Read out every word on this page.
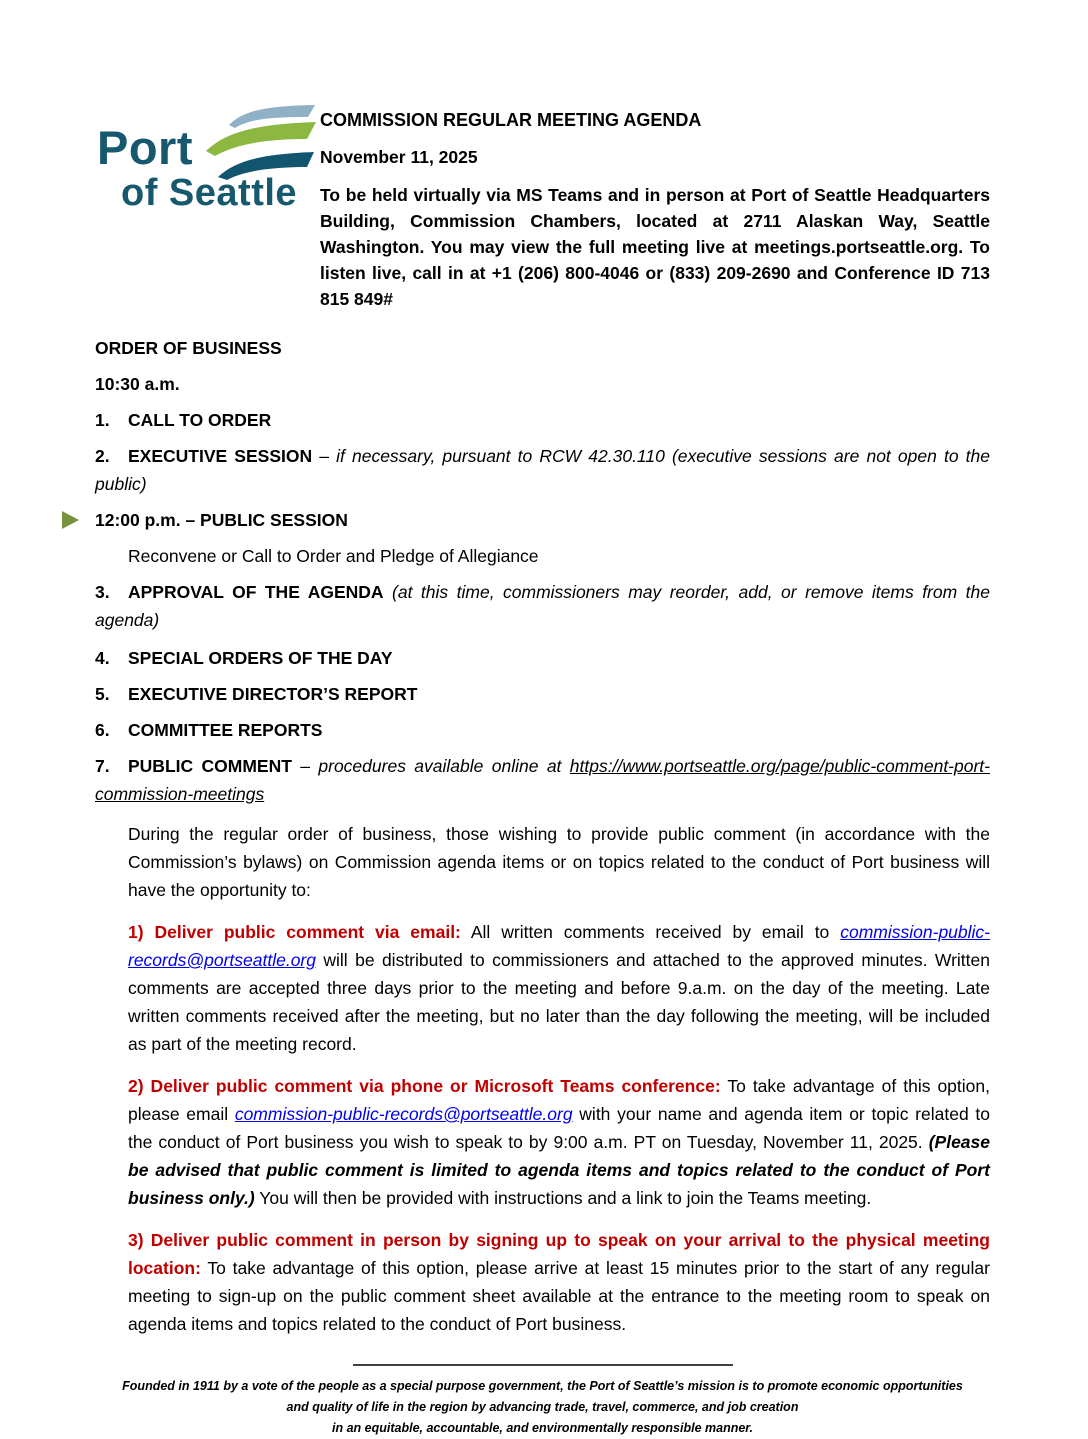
Port
of Seattle
COMMISSION REGULAR MEETING AGENDA
November 11, 2025
To be held virtually via MS Teams and in person at Port of Seattle Headquarters Building, Commission Chambers, located at 2711 Alaskan Way, Seattle Washington. You may view the full meeting live at meetings.portseattle.org. To listen live, call in at +1 (206) 800-4046 or (833) 209-2690 and Conference ID 713 815 849#
ORDER OF BUSINESS
10:30 a.m.
1. CALL TO ORDER
2. EXECUTIVE SESSION – if necessary, pursuant to RCW 42.30.110 (executive sessions are not open to the public)
12:00 p.m. – PUBLIC SESSION
Reconvene or Call to Order and Pledge of Allegiance
3. APPROVAL OF THE AGENDA (at this time, commissioners may reorder, add, or remove items from the agenda)
4. SPECIAL ORDERS OF THE DAY
5. EXECUTIVE DIRECTOR’S REPORT
6. COMMITTEE REPORTS
7. PUBLIC COMMENT – procedures available online at https://www.portseattle.org/page/public-comment-port-commission-meetings
During the regular order of business, those wishing to provide public comment (in accordance with the Commission’s bylaws) on Commission agenda items or on topics related to the conduct of Port business will have the opportunity to:
1) Deliver public comment via email: All written comments received by email to commission-public-records@portseattle.org will be distributed to commissioners and attached to the approved minutes. Written comments are accepted three days prior to the meeting and before 9.a.m. on the day of the meeting. Late written comments received after the meeting, but no later than the day following the meeting, will be included as part of the meeting record.
2) Deliver public comment via phone or Microsoft Teams conference: To take advantage of this option, please email commission-public-records@portseattle.org with your name and agenda item or topic related to the conduct of Port business you wish to speak to by 9:00 a.m. PT on Tuesday, November 11, 2025. (Please be advised that public comment is limited to agenda items and topics related to the conduct of Port business only.) You will then be provided with instructions and a link to join the Teams meeting.
3) Deliver public comment in person by signing up to speak on your arrival to the physical meeting location: To take advantage of this option, please arrive at least 15 minutes prior to the start of any regular meeting to sign-up on the public comment sheet available at the entrance to the meeting room to speak on agenda items and topics related to the conduct of Port business.
Founded in 1911 by a vote of the people as a special purpose government, the Port of Seattle’s mission is to promote economic opportunities
and quality of life in the region by advancing trade, travel, commerce, and job creation
in an equitable, accountable, and environmentally responsible manner.
